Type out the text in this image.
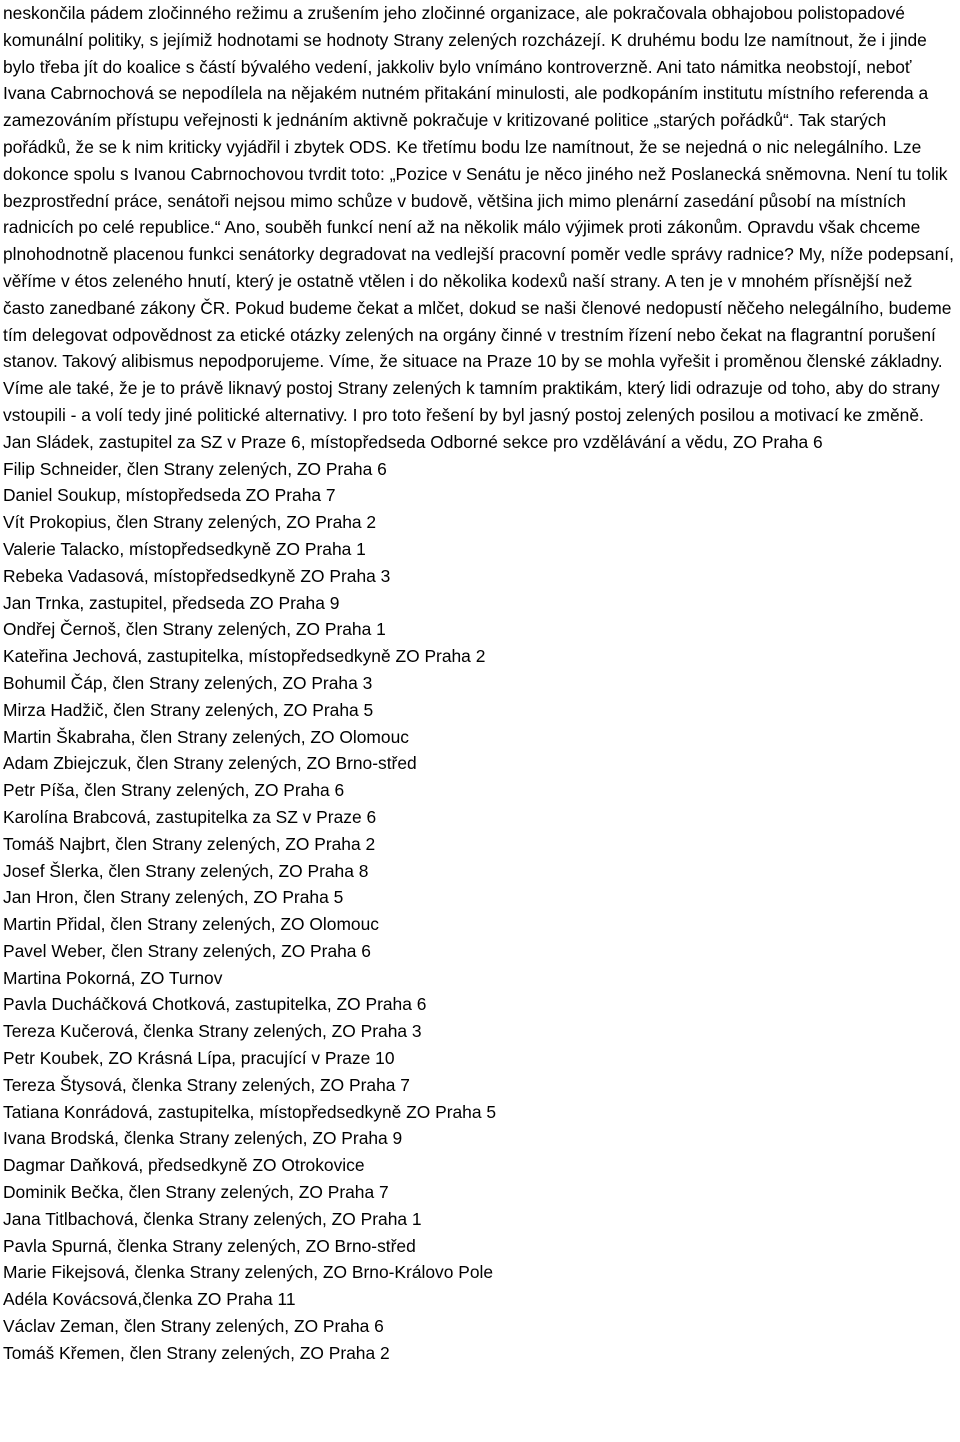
neskončila pádem zločinného režimu a zrušením jeho zločinné organizace, ale pokračovala obhajobou polistopadové komunální politiky, s jejímiž hodnotami se hodnoty Strany zelených rozcházejí. K druhému bodu lze namítnout, že i jinde bylo třeba jít do koalice s částí bývalého vedení, jakkoliv bylo vnímáno kontroverzně. Ani tato námitka neobstojí, neboť Ivana Cabrnochová se nepodílela na nějakém nutném přitakání minulosti, ale podkopáním institutu místního referenda a zamezováním přístupu veřejnosti k jednáním aktivně pokračuje v kritizované politice „starých pořádků“. Tak starých pořádků, že se k nim kriticky vyjádřil i zbytek ODS. Ke třetímu bodu lze namítnout, že se nejedná o nic nelegálního. Lze dokonce spolu s Ivanou Cabrnochovou tvrdit toto: „Pozice v Senátu je něco jiného než Poslanecká sněmovna. Není tu tolik bezprostřední práce, senátoři nejsou mimo schůze v budově, většina jich mimo plenární zasedání působí na místních radnicích po celé republice.“ Ano, souběh funkcí není až na několik málo výjimek proti zákonům. Opravdu však chceme plnohodnotně placenou funkci senátorky degradovat na vedlejší pracovní poměr vedle správy radnice? My, níže podepsaní, věříme v étos zeleného hnutí, který je ostatně vtělen i do několika kodexů naší strany. A ten je v mnohém přísnější než často zanedbané zákony ČR. Pokud budeme čekat a mlčet, dokud se naši členové nedopustí něčeho nelegálního, budeme tím delegovat odpovědnost za etické otázky zelených na orgány činné v trestním řízení nebo čekat na flagrantní porušení stanov. Takový alibismus nepodporujeme. Víme, že situace na Praze 10 by se mohla vyřešit i proměnou členské základny. Víme ale také, že je to právě liknavý postoj Strany zelených k tamním praktikám, který lidi odrazuje od toho, aby do strany vstoupili - a volí tedy jiné politické alternativy. I pro toto řešení by byl jasný postoj zelených posilou a motivací ke změně.

Jan Sládek, zastupitel za SZ v Praze 6, místopředseda Odborné sekce pro vzdělávání a vědu, ZO Praha 6
Filip Schneider, člen Strany zelených, ZO Praha 6
Daniel Soukup, místopředseda ZO Praha 7
Vít Prokopius, člen Strany zelených, ZO Praha 2
Valerie Talacko, místopředsedkyně ZO Praha 1
Rebeka Vadasová, místopředsedkyně ZO Praha 3
Jan Trnka, zastupitel, předseda ZO Praha 9
Ondřej Černoš, člen Strany zelených, ZO Praha 1
Kateřina Jechová, zastupitelka, místopředsedkyně ZO Praha 2
Bohumil Čáp, člen Strany zelených, ZO Praha 3
Mirza Hadžič, člen Strany zelených, ZO Praha 5
Martin Škabraha, člen Strany zelených, ZO Olomouc
Adam Zbiejczuk, člen Strany zelených, ZO Brno-střed
Petr Píša, člen Strany zelených, ZO Praha 6
Karolína Brabcová, zastupitelka za SZ v Praze 6
Tomáš Najbrt, člen Strany zelených, ZO Praha 2
Josef Šlerka, člen Strany zelených, ZO Praha 8
Jan Hron, člen Strany zelených, ZO Praha 5
Martin Přidal, člen Strany zelených, ZO Olomouc
Pavel Weber, člen Strany zelených, ZO Praha 6
Martina Pokorná, ZO Turnov
Pavla Ducháčková Chotková, zastupitelka, ZO Praha 6
Tereza Kučerová, členka Strany zelených, ZO Praha 3
Petr Koubek, ZO Krásná Lípa, pracující v Praze 10
Tereza Štysová, členka Strany zelených, ZO Praha 7
Tatiana Konrádová, zastupitelka, místopředsedkyně ZO Praha 5
Ivana Brodská, členka Strany zelených, ZO Praha 9
Dagmar Daňková, předsedkyně ZO Otrokovice
Dominik Bečka, člen Strany zelených, ZO Praha 7
Jana Titlbachová, členka Strany zelených, ZO Praha 1
Pavla Spurná, členka Strany zelených, ZO Brno-střed
Marie Fikejsová, členka Strany zelených, ZO Brno-Královo Pole
Adéla Kovácsová,členka ZO Praha 11
Václav Zeman, člen Strany zelených, ZO Praha 6
Tomáš Křemen, člen Strany zelených, ZO Praha 2
